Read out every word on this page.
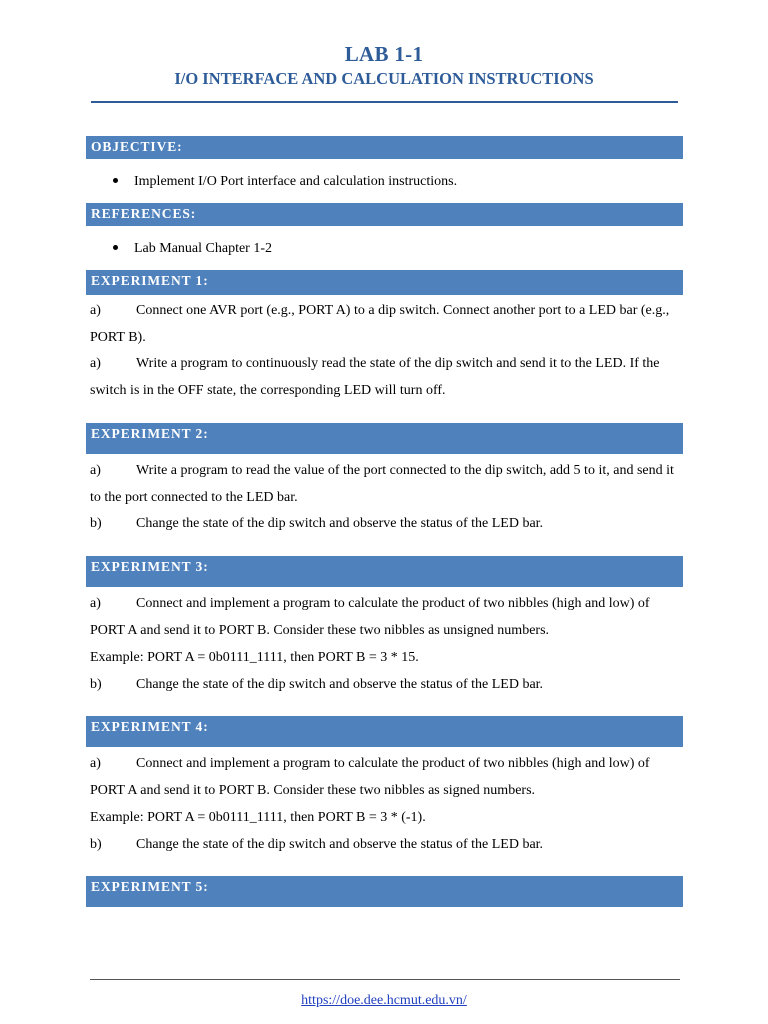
LAB 1-1
I/O INTERFACE AND CALCULATION INSTRUCTIONS
OBJECTIVE:
Implement I/O Port interface and calculation instructions.
REFERENCES:
Lab Manual Chapter 1-2
EXPERIMENT 1:

a)	Connect one AVR port (e.g., PORT A) to a dip switch. Connect another port to a LED bar (e.g., PORT B).

a)	Write a program to continuously read the state of the dip switch and send it to the LED. If the switch is in the OFF state, the corresponding LED will turn off.

EXPERIMENT 2:

a)	Write a program to read the value of the port connected to the dip switch, add 5 to it, and send it to the port connected to the LED bar.

b) Change the state of the dip switch and observe the status of the LED bar.

EXPERIMENT 3:

a)	Connect and implement a program to calculate the product of two nibbles (high and low) of PORT A and send it to PORT B. Consider these two nibbles as unsigned numbers.

Example: PORT A = 0b0111_1111, then PORT B = 3 * 15.

b) Change the state of the dip switch and observe the status of the LED bar.

EXPERIMENT 4:

a)	Connect and implement a program to calculate the product of two nibbles (high and low) of PORT A and send it to PORT B. Consider these two nibbles as signed numbers.

Example: PORT A = 0b0111_1111, then PORT B = 3 * (-1).

b) Change the state of the dip switch and observe the status of the LED bar.

EXPERIMENT 5:
https://doe.dee.hcmut.edu.vn/
